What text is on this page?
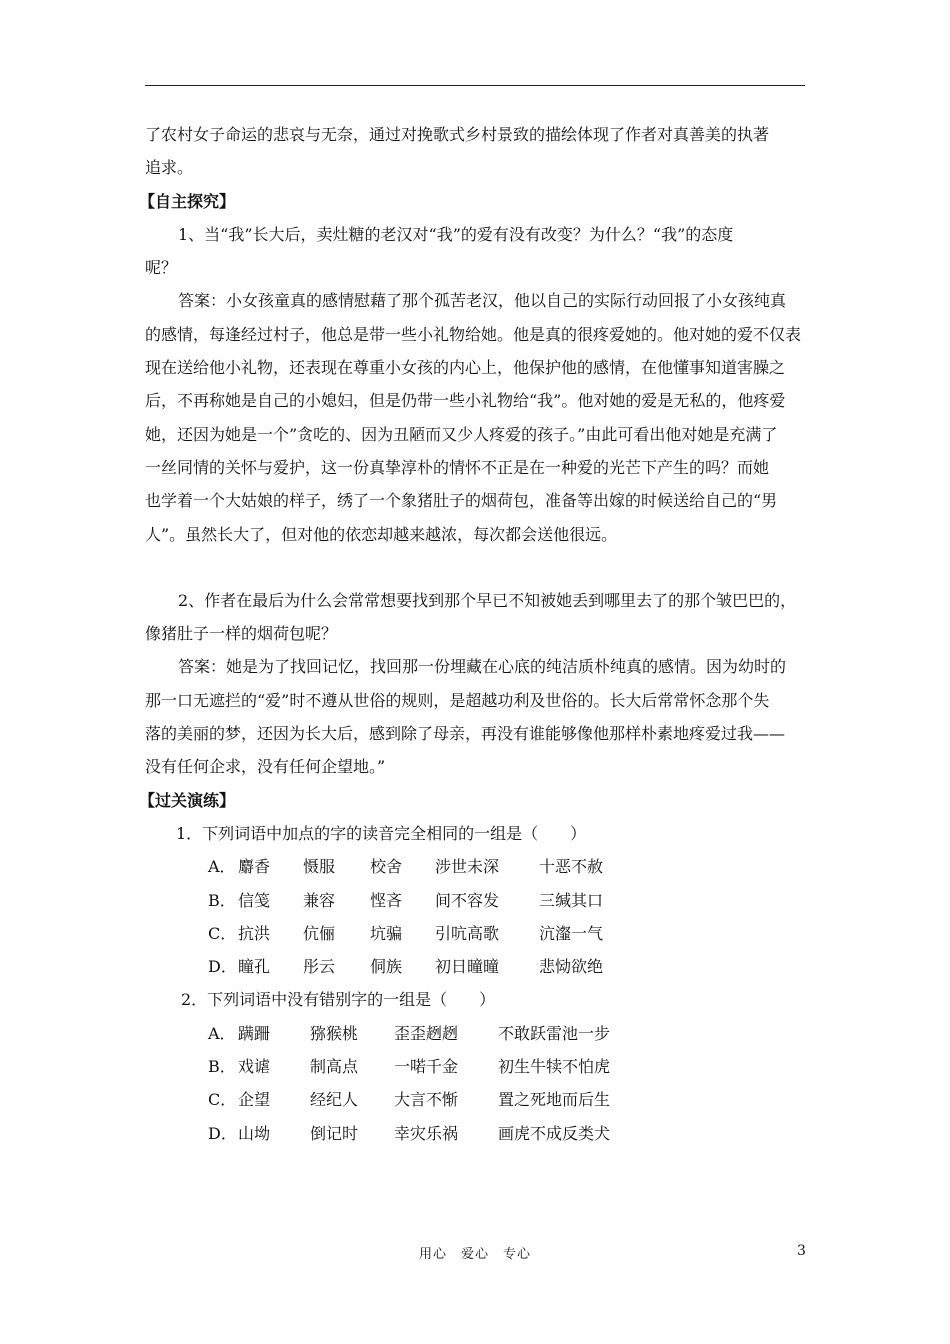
了农村女子命运的悲哀与无奈，通过对挽歌式乡村景致的描绘体现了作者对真善美的执著

追求。

【自主探究】

1、当“我”长大后，卖灶糖的老汉对“我”的爱有没有改变？为什么？“我”的态度

呢？

答案：小女孩童真的感情慰藉了那个孤苦老汉，他以自己的实际行动回报了小女孩纯真

的感情，每逢经过村子，他总是带一些小礼物给她。他是真的很疼爱她的。他对她的爱不仅表

现在送给他小礼物，还表现在尊重小女孩的内心上，他保护他的感情，在他懂事知道害臊之

后，不再称她是自己的小媳妇，但是仍带一些小礼物给“我”。他对她的爱是无私的，他疼爱

她，还因为她是一个”贪吃的、因为丑陋而又少人疼爱的孩子。”由此可看出他对她是充满了

一丝同情的关怀与爱护，这一份真挚淳朴的情怀不正是在一种爱的光芒下产生的吗？而她

也学着一个大姑娘的样子，绣了一个象猪肚子的烟荷包，准备等出嫁的时候送给自己的“男

人”。虽然长大了，但对他的依恋却越来越浓，每次都会送他很远。

2、作者在最后为什么会常常想要找到那个早已不知被她丢到哪里去了的那个皱巴巴的，

像猪肚子一样的烟荷包呢？

答案：她是为了找回记忆，找回那一份埋藏在心底的纯洁质朴纯真的感情。因为幼时的

那一口无遮拦的“爱”时不遵从世俗的规则，是超越功利及世俗的。长大后常常怀念那个失

落的美丽的梦，还因为长大后，感到除了母亲，再没有谁能够像他那样朴素地疼爱过我——

没有任何企求，没有任何企望地。”

【过关演练】

1．下列词语中加点的字的读音完全相同的一组是（　　）

A． 麝香	慑服	校舍	涉世未深	十恶不赦
B． 信笺	兼容	悭吝	间不容发	三缄其口
C． 抗洪	伉俪	坑骗	引吭高歌	沆瀣一气
D． 瞳孔	彤云	侗族	初日曈曈	悲恸欲绝

2．下列词语中没有错别字的一组是（　　）

A． 蹒跚	猕猴桃	歪歪趔趔	不敢跃雷池一步
B． 戏谑	制高点	一喏千金	初生牛犊不怕虎
C． 企望	经纪人	大言不惭	置之死地而后生
D． 山坳	倒记时	幸灾乐祸	画虎不成反类犬
用心　爱心　专心	3
